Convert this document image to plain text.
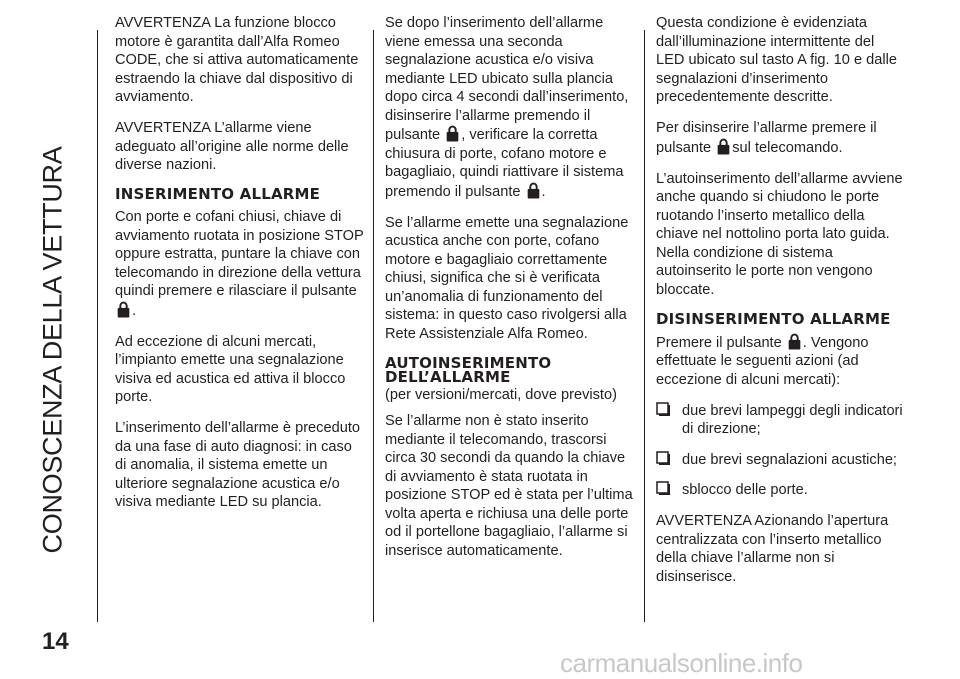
CONOSCENZA DELLA VETTURA
14

AVVERTENZA La funzione blocco motore è garantita dall’Alfa Romeo CODE, che si attiva automaticamente estraendo la chiave dal dispositivo di avviamento.

AVVERTENZA L’allarme viene adeguato all’origine alle norme delle diverse nazioni.

INSERIMENTO ALLARME

Con porte e cofani chiusi, chiave di avviamento ruotata in posizione STOP oppure estratta, puntare la chiave con telecomando in direzione della vettura quindi premere e rilasciare il pulsante
.

Ad eccezione di alcuni mercati, l’impianto emette una segnalazione visiva ed acustica ed attiva il blocco porte.

L’inserimento dell’allarme è preceduto da una fase di auto diagnosi: in caso di anomalia, il sistema emette un ulteriore segnalazione acustica e/o visiva mediante LED su plancia.

Se dopo l’inserimento dell’allarme viene emessa una seconda segnalazione acustica e/o visiva mediante LED ubicato sulla plancia dopo circa 4 secondi dall’inserimento, disinserire l’allarme premendo il pulsante , verificare la corretta chiusura di porte, cofano motore e bagagliaio, quindi riattivare il sistema premendo il pulsante .

Se l’allarme emette una segnalazione acustica anche con porte, cofano motore e bagagliaio correttamente chiusi, significa che si è verificata un’anomalia di funzionamento del sistema: in questo caso rivolgersi alla Rete Assistenziale Alfa Romeo.

AUTOINSERIMENTO DELL’ALLARME

(per versioni/mercati, dove previsto)

Se l’allarme non è stato inserito mediante il telecomando, trascorsi circa 30 secondi da quando la chiave di avviamento è stata ruotata in posizione STOP ed è stata per l’ultima volta aperta e richiusa una delle porte od il portellone bagagliaio, l’allarme si inserisce automaticamente.

Questa condizione è evidenziata dall’illuminazione intermittente del LED ubicato sul tasto A fig. 10 e dalle segnalazioni d’inserimento precedentemente descritte.

Per disinserire l’allarme premere il pulsante sul telecomando.

L’autoinserimento dell’allarme avviene anche quando si chiudono le porte ruotando l’inserto metallico della chiave nel nottolino porta lato guida. Nella condizione di sistema autoinserito le porte non vengono bloccate.

DISINSERIMENTO ALLARME

Premere il pulsante . Vengono effettuate le seguenti azioni (ad eccezione di alcuni mercati):

due brevi lampeggi degli indicatori di direzione;
due brevi segnalazioni acustiche;
sblocco delle porte.

AVVERTENZA Azionando l’apertura centralizzata con l’inserto metallico della chiave l’allarme non si disinserisce.

carmanualsonline.info
